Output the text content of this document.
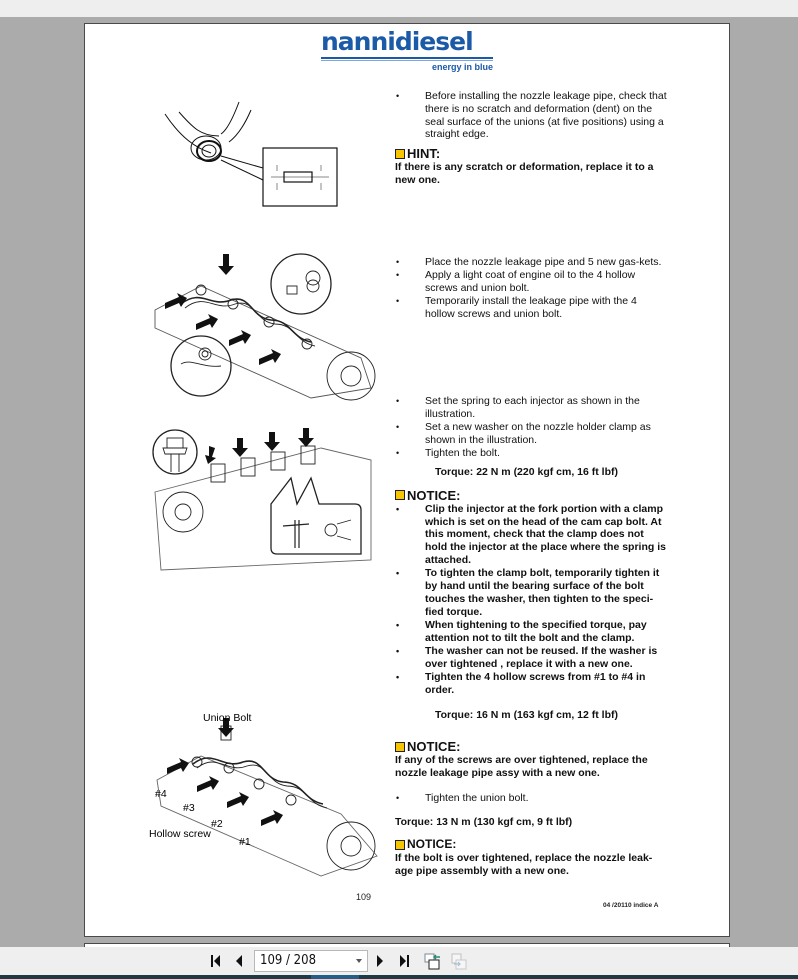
nannidiesel
energy in blue
Union Bolt
#4
#3
#2
Hollow screw
#1
• Before installing the nozzle leakage pipe, check that there is no scratch and deformation (dent) on the seal surface of the unions (at five positions) using a straight edge.
HINT:
If there is any scratch or deformation, replace it to a new one.
• Place the nozzle leakage pipe and 5 new gas-kets.
• Apply a light coat of engine oil to the 4 hollow screws and union bolt.
• Temporarily install the leakage pipe with the 4 hollow screws and union bolt.
• Set the spring to each injector as shown in the illustration.
• Set a new washer on the nozzle holder clamp as shown in the illustration.
• Tighten the bolt.
Torque: 22 N m (220 kgf cm, 16 ft lbf)
NOTICE:
• Clip the injector at the fork portion with a clamp which is set on the head of the cam cap bolt. At this moment, check that the clamp does not hold the injector at the place where the spring is attached.
• To tighten the clamp bolt, temporarily tighten it by hand until the bearing surface of the bolt touches the washer, then tighten to the speci-fied torque.
• When tightening to the specified torque, pay attention not to tilt the bolt and the clamp.
• The washer can not be reused. If the washer is over tightened , replace it with a new one.
• Tighten the 4 hollow screws from #1 to #4 in order.
Torque: 16 N m (163 kgf cm, 12 ft lbf)
NOTICE:
If any of the screws are over tightened, replace the nozzle leakage pipe assy with a new one.
• Tighten the union bolt.
Torque: 13 N m (130 kgf cm, 9 ft lbf)
NOTICE:
If the bolt is over tightened, replace the nozzle leak-age pipe assembly with a new one.
109
04 /20110 indice A
109 / 208
